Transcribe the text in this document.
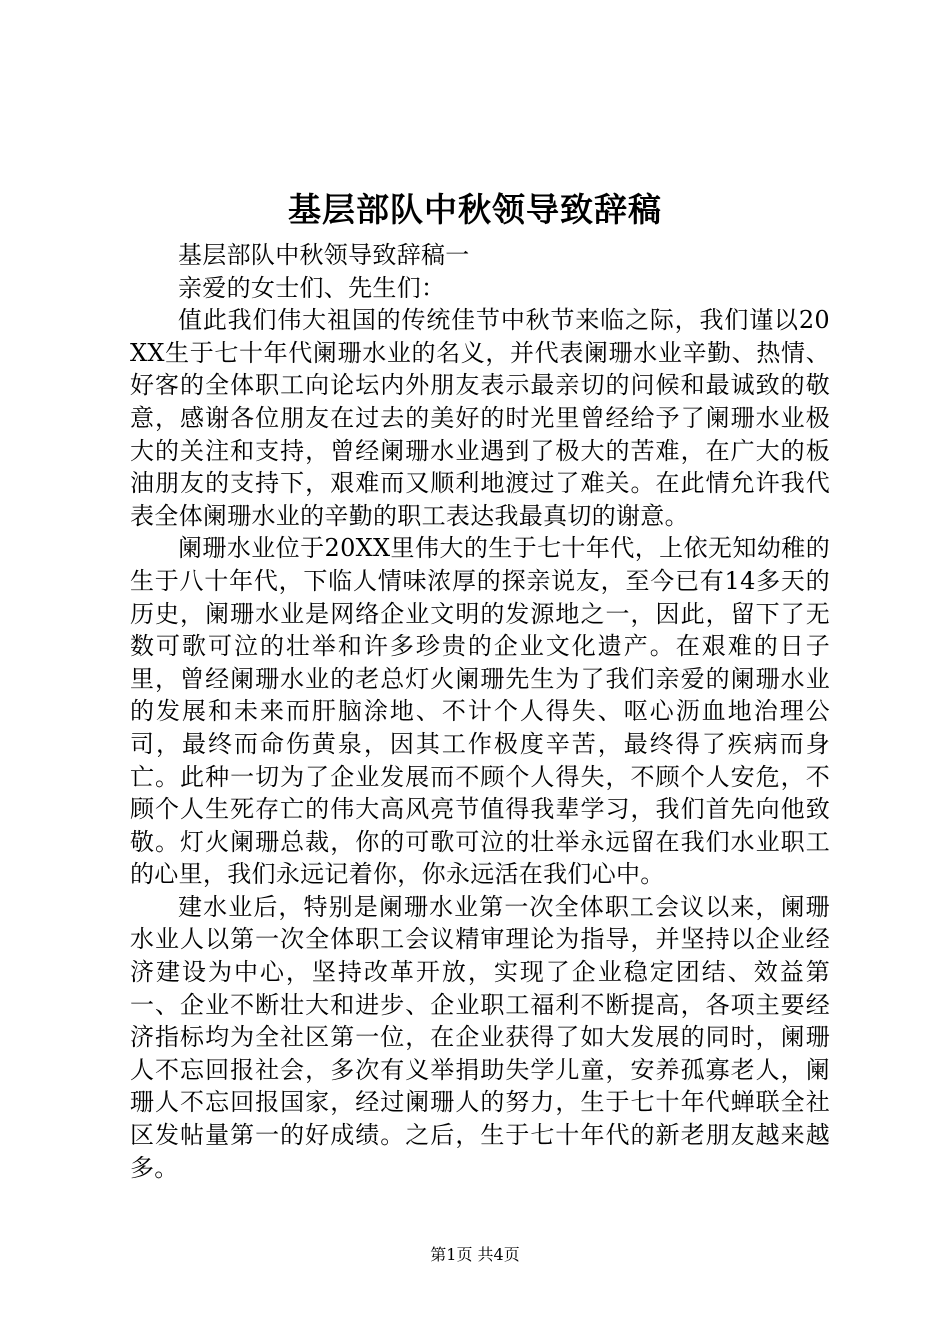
基层部队中秋领导致辞稿

基层部队中秋领导致辞稿一

亲爱的女士们、先生们：

值此我们伟大祖国的传统佳节中秋节来临之际，我们谨以20XX生于七十年代阑珊水业的名义，并代表阑珊水业辛勤、热情、好客的全体职工向论坛内外朋友表示最亲切的问候和最诚致的敬意，感谢各位朋友在过去的美好的时光里曾经给予了阑珊水业极大的关注和支持，曾经阑珊水业遇到了极大的苦难，在广大的板油朋友的支持下，艰难而又顺利地渡过了难关。在此情允许我代表全体阑珊水业的辛勤的职工表达我最真切的谢意。

阑珊水业位于20XX里伟大的生于七十年代，上依无知幼稚的生于八十年代，下临人情味浓厚的探亲说友，至今已有14多天的历史，阑珊水业是网络企业文明的发源地之一，因此，留下了无数可歌可泣的壮举和许多珍贵的企业文化遗产。在艰难的日子里，曾经阑珊水业的老总灯火阑珊先生为了我们亲爱的阑珊水业的发展和未来而肝脑涂地、不计个人得失、呕心沥血地治理公司，最终而命伤黄泉，因其工作极度辛苦，最终得了疾病而身亡。此种一切为了企业发展而不顾个人得失，不顾个人安危，不顾个人生死存亡的伟大高风亮节值得我辈学习，我们首先向他致敬。灯火阑珊总裁，你的可歌可泣的壮举永远留在我们水业职工的心里，我们永远记着你，你永远活在我们心中。

建水业后，特别是阑珊水业第一次全体职工会议以来，阑珊水业人以第一次全体职工会议精审理论为指导，并坚持以企业经济建设为中心，坚持改革开放，实现了企业稳定团结、效益第一、企业不断壮大和进步、企业职工福利不断提高，各项主要经济指标均为全社区第一位，在企业获得了如大发展的同时，阑珊人不忘回报社会，多次有义举捐助失学儿童，安养孤寡老人，阑珊人不忘回报国家，经过阑珊人的努力，生于七十年代蝉联全社区发帖量第一的好成绩。之后，生于七十年代的新老朋友越来越多。

第1页 共4页
